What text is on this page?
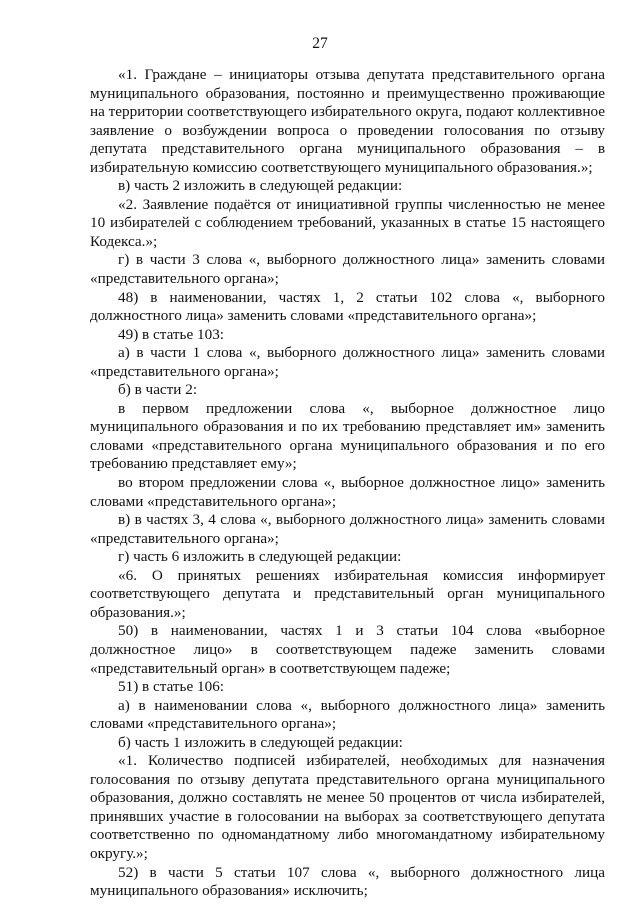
27

«1. Граждане – инициаторы отзыва депутата представительного органа муниципального образования, постоянно и преимущественно проживающие на территории соответствующего избирательного округа, подают коллективное заявление о возбуждении вопроса о проведении голосования по отзыву депутата представительного органа муниципального образования – в избирательную комиссию соответствующего муниципального образования.»;

в) часть 2 изложить в следующей редакции:

«2. Заявление подаётся от инициативной группы численностью не менее 10 избирателей с соблюдением требований, указанных в статье 15 настоящего Кодекса.»;

г) в части 3 слова «, выборного должностного лица» заменить словами «представительного органа»;

48) в наименовании, частях 1, 2 статьи 102 слова «, выборного должностного лица» заменить словами «представительного органа»;

49) в статье 103:

а) в части 1 слова «, выборного должностного лица» заменить словами «представительного органа»;

б) в части 2:

в первом предложении слова «, выборное должностное лицо муниципального образования и по их требованию представляет им» заменить словами «представительного органа муниципального образования и по его требованию представляет ему»;

во втором предложении слова «, выборное должностное лицо» заменить словами «представительного органа»;

в) в частях 3, 4 слова «, выборного должностного лица» заменить словами «представительного органа»;

г) часть 6 изложить в следующей редакции:

«6. О принятых решениях избирательная комиссия информирует соответствующего депутата и представительный орган муниципального образования.»;

50) в наименовании, частях 1 и 3 статьи 104 слова «выборное должностное лицо» в соответствующем падеже заменить словами «представительный орган» в соответствующем падеже;

51) в статье 106:

а) в наименовании слова «, выборного должностного лица» заменить словами «представительного органа»;

б) часть 1 изложить в следующей редакции:

«1. Количество подписей избирателей, необходимых для назначения голосования по отзыву депутата представительного органа муниципального образования, должно составлять не менее 50 процентов от числа избирателей, принявших участие в голосовании на выборах за соответствующего депутата соответственно по одномандатному либо многомандатному избирательному округу.»;

52) в части 5 статьи 107 слова «, выборного должностного лица муниципального образования» исключить;
